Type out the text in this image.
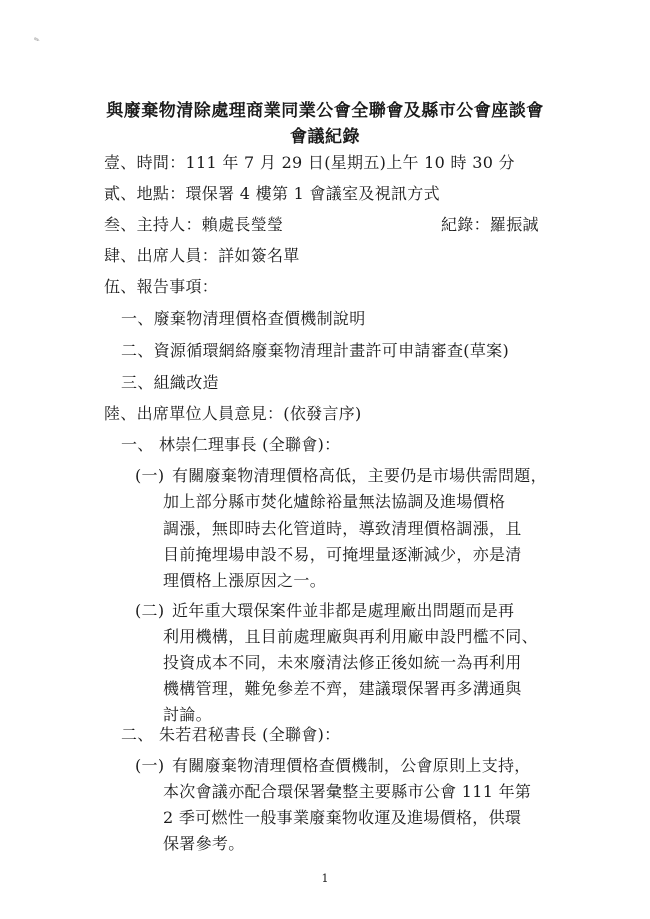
✎
與廢棄物清除處理商業同業公會全聯會及縣市公會座談會
會議紀錄
壹、時間：111 年 7 月 29 日(星期五)上午 10 時 30 分
貳、地點：環保署 4 樓第 1 會議室及視訊方式
叁、主持人：賴處長瑩瑩	紀錄：羅振誠
肆、出席人員：詳如簽名單
伍、報告事項：
一、廢棄物清理價格查價機制說明
二、資源循環網絡廢棄物清理計畫許可申請審查(草案)
三、組織改造
陸、出席單位人員意見：(依發言序)
一、 林崇仁理事長 (全聯會)：
(一) 有關廢棄物清理價格高低，主要仍是市場供需問題，
加上部分縣市焚化爐餘裕量無法協調及進場價格
調漲，無即時去化管道時，導致清理價格調漲，且
目前掩埋場申設不易，可掩埋量逐漸減少，亦是清
理價格上漲原因之一。
(二) 近年重大環保案件並非都是處理廠出問題而是再
利用機構，且目前處理廠與再利用廠申設門檻不同、
投資成本不同，未來廢清法修正後如統一為再利用
機構管理，難免參差不齊，建議環保署再多溝通與
討論。
二、 朱若君秘書長 (全聯會)：
(一) 有關廢棄物清理價格查價機制，公會原則上支持，
本次會議亦配合環保署彙整主要縣市公會 111 年第
2 季可燃性一般事業廢棄物收運及進場價格，供環
保署參考。
1
